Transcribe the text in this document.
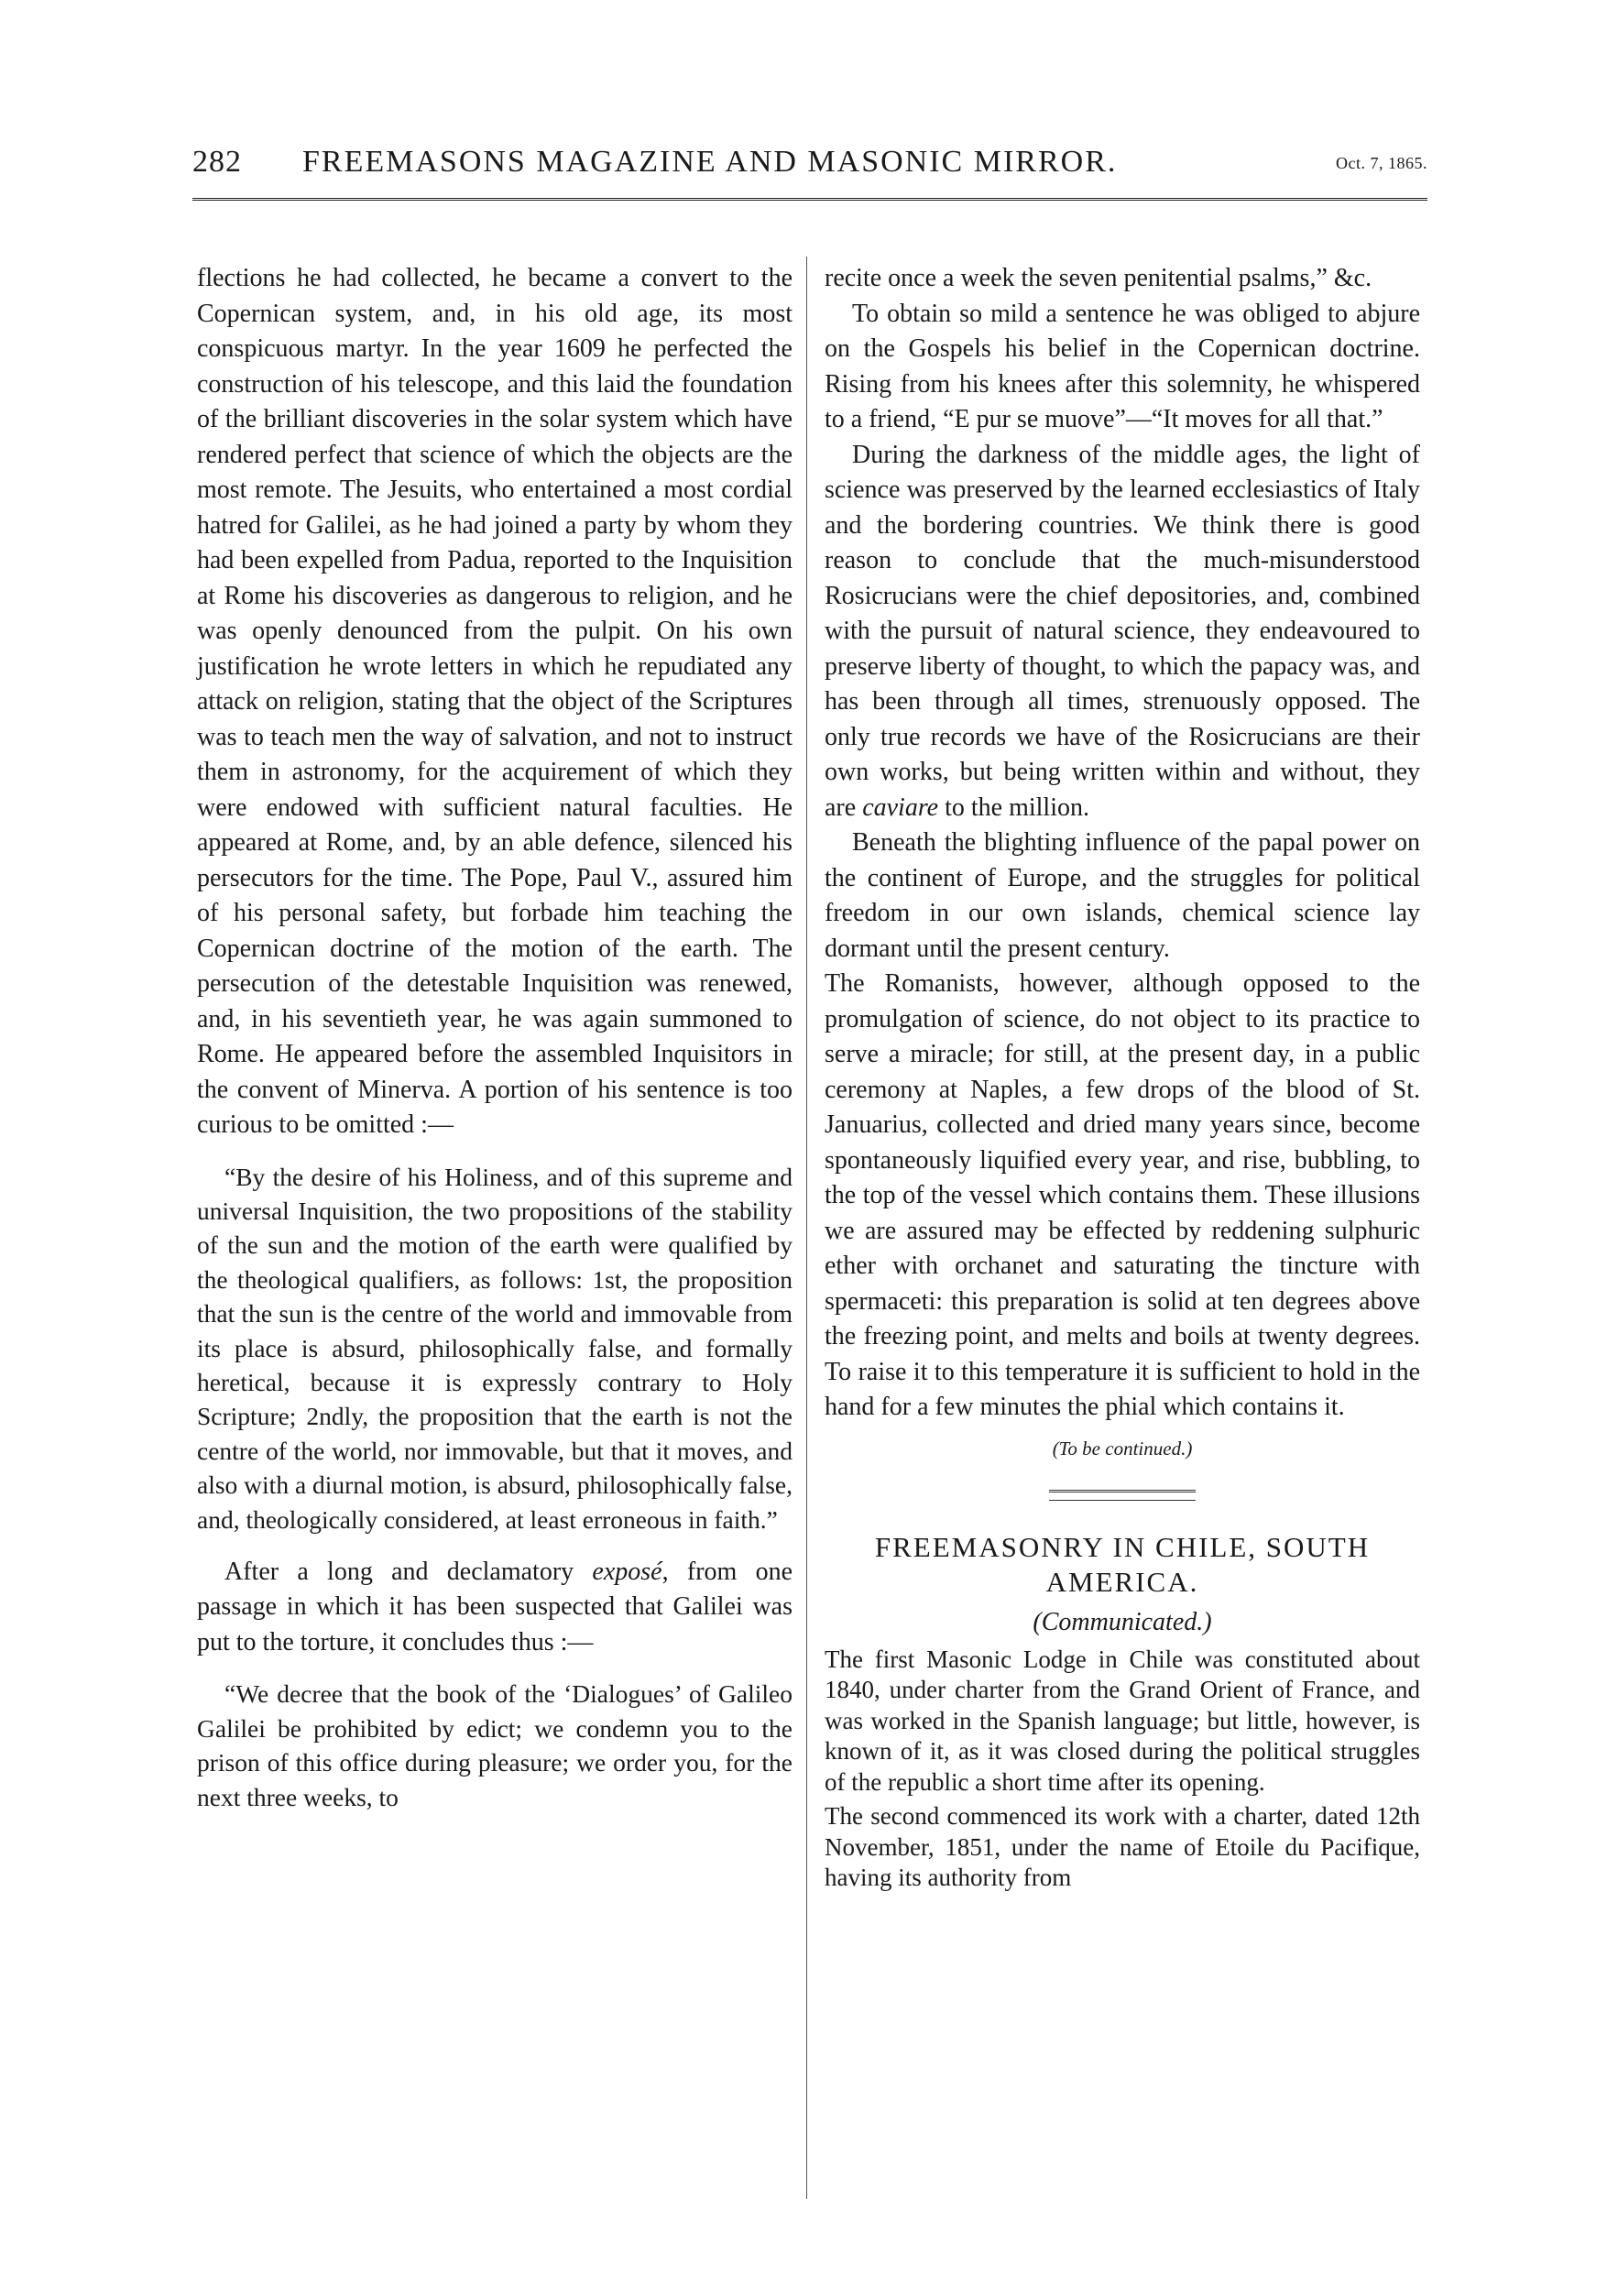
282 FREEMASONS MAGAZINE AND MASONIC MIRROR.	Oct. 7, 1865.

flections he had collected, he became a convert to the Copernican system, and, in his old age, its most conspicuous martyr. In the year 1609 he perfected the construction of his telescope, and this laid the foundation of the brilliant discoveries in the solar system which have rendered perfect that science of which the objects are the most remote. The Jesuits, who entertained a most cordial hatred for Galilei, as he had joined a party by whom they had been expelled from Padua, reported to the Inquisition at Rome his discoveries as dangerous to religion, and he was openly denounced from the pulpit. On his own justification he wrote letters in which he repudiated any attack on religion, stating that the object of the Scriptures was to teach men the way of salvation, and not to instruct them in astronomy, for the acquirement of which they were endowed with sufficient natural faculties. He appeared at Rome, and, by an able defence, silenced his persecutors for the time. The Pope, Paul V., assured him of his personal safety, but forbade him teaching the Copernican doctrine of the motion of the earth. The persecution of the detestable Inquisition was renewed, and, in his seventieth year, he was again summoned to Rome. He appeared before the assembled Inquisitors in the convent of Minerva. A portion of his sentence is too curious to be omitted :—

“By the desire of his Holiness, and of this supreme and universal Inquisition, the two propositions of the stability of the sun and the motion of the earth were qualified by the theological qualifiers, as follows: 1st, the proposition that the sun is the centre of the world and immovable from its place is absurd, philosophically false, and formally heretical, because it is expressly contrary to Holy Scripture; 2ndly, the proposition that the earth is not the centre of the world, nor immovable, but that it moves, and also with a diurnal motion, is absurd, philosophically false, and, theologically considered, at least erroneous in faith.”

After a long and declamatory exposé, from one passage in which it has been suspected that Galilei was put to the torture, it concludes thus :—

“We decree that the book of the ‘Dialogues’ of Galileo Galilei be prohibited by edict; we condemn you to the prison of this office during pleasure; we order you, for the next three weeks, to

recite once a week the seven penitential psalms,” &c.

To obtain so mild a sentence he was obliged to abjure on the Gospels his belief in the Copernican doctrine. Rising from his knees after this solemnity, he whispered to a friend, “E pur se muove”—“It moves for all that.”

During the darkness of the middle ages, the light of science was preserved by the learned ecclesiastics of Italy and the bordering countries. We think there is good reason to conclude that the much-misunderstood Rosicrucians were the chief depositories, and, combined with the pursuit of natural science, they endeavoured to preserve liberty of thought, to which the papacy was, and has been through all times, strenuously opposed. The only true records we have of the Rosicrucians are their own works, but being written within and without, they are caviare to the million.

Beneath the blighting influence of the papal power on the continent of Europe, and the struggles for political freedom in our own islands, chemical science lay dormant until the present century.

The Romanists, however, although opposed to the promulgation of science, do not object to its practice to serve a miracle; for still, at the present day, in a public ceremony at Naples, a few drops of the blood of St. Januarius, collected and dried many years since, become spontaneously liquified every year, and rise, bubbling, to the top of the vessel which contains them. These illusions we are assured may be effected by reddening sulphuric ether with orchanet and saturating the tincture with spermaceti: this preparation is solid at ten degrees above the freezing point, and melts and boils at twenty degrees. To raise it to this temperature it is sufficient to hold in the hand for a few minutes the phial which contains it.

(To be continued.)
FREEMASONRY IN CHILE, SOUTH AMERICA.
(Communicated.)

The first Masonic Lodge in Chile was constituted about 1840, under charter from the Grand Orient of France, and was worked in the Spanish language; but little, however, is known of it, as it was closed during the political struggles of the republic a short time after its opening.

The second commenced its work with a charter, dated 12th November, 1851, under the name of Etoile du Pacifique, having its authority from
